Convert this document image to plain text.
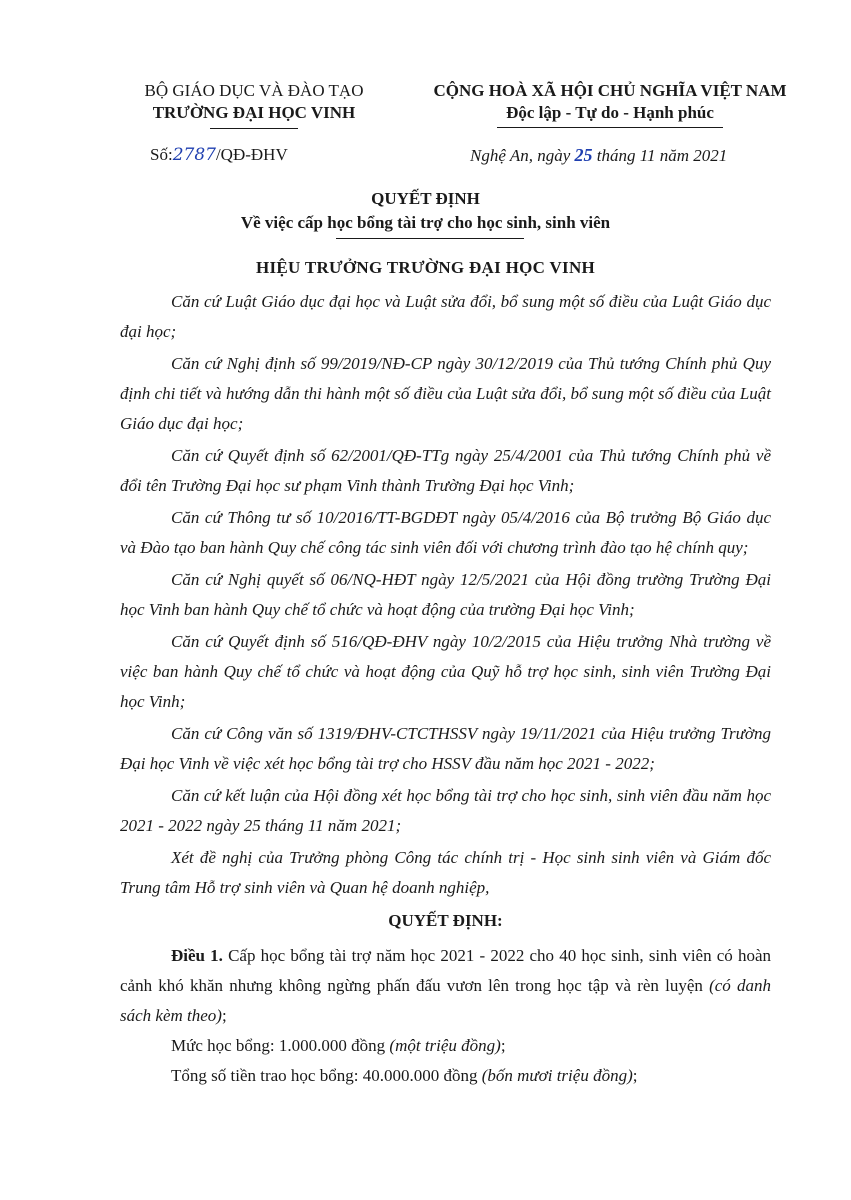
BỘ GIÁO DỤC VÀ ĐÀO TẠO
TRƯỜNG ĐẠI HỌC VINH
CỘNG HOÀ XÃ HỘI CHỦ NGHĨA VIỆT NAM
Độc lập - Tự do - Hạnh phúc
Số:2787/QĐ-ĐHV	Nghệ An, ngày 25 tháng 11 năm 2021
QUYẾT ĐỊNH
Về việc cấp học bổng tài trợ cho học sinh, sinh viên
HIỆU TRƯỞNG TRƯỜNG ĐẠI HỌC VINH

Căn cứ Luật Giáo dục đại học và Luật sửa đổi, bổ sung một số điều của Luật Giáo dục đại học;

Căn cứ Nghị định số 99/2019/NĐ-CP ngày 30/12/2019 của Thủ tướng Chính phủ Quy định chi tiết và hướng dẫn thi hành một số điều của Luật sửa đổi, bổ sung một số điều của Luật Giáo dục đại học;

Căn cứ Quyết định số 62/2001/QĐ-TTg ngày 25/4/2001 của Thủ tướng Chính phủ về đổi tên Trường Đại học sư phạm Vinh thành Trường Đại học Vinh;

Căn cứ Thông tư số 10/2016/TT-BGDĐT ngày 05/4/2016 của Bộ trưởng Bộ Giáo dục và Đào tạo ban hành Quy chế công tác sinh viên đối với chương trình đào tạo hệ chính quy;

Căn cứ Nghị quyết số 06/NQ-HĐT ngày 12/5/2021 của Hội đồng trường Trường Đại học Vinh ban hành Quy chế tổ chức và hoạt động của trường Đại học Vinh;

Căn cứ Quyết định số 516/QĐ-ĐHV ngày 10/2/2015 của Hiệu trưởng Nhà trường về việc ban hành Quy chế tổ chức và hoạt động của Quỹ hỗ trợ học sinh, sinh viên Trường Đại học Vinh;

Căn cứ Công văn số 1319/ĐHV-CTCTHSSV ngày 19/11/2021 của Hiệu trưởng Trường Đại học Vinh về việc xét học bổng tài trợ cho HSSV đầu năm học 2021 - 2022;

Căn cứ kết luận của Hội đồng xét học bổng tài trợ cho học sinh, sinh viên đầu năm học 2021 - 2022 ngày 25 tháng 11 năm 2021;

Xét đề nghị của Trưởng phòng Công tác chính trị - Học sinh sinh viên và Giám đốc Trung tâm Hỗ trợ sinh viên và Quan hệ doanh nghiệp,

QUYẾT ĐỊNH:

Điều 1. Cấp học bổng tài trợ năm học 2021 - 2022 cho 40 học sinh, sinh viên có hoàn cảnh khó khăn nhưng không ngừng phấn đấu vươn lên trong học tập và rèn luyện (có danh sách kèm theo);

Mức học bổng: 1.000.000 đồng (một triệu đồng);

Tổng số tiền trao học bổng: 40.000.000 đồng (bốn mươi triệu đồng);
